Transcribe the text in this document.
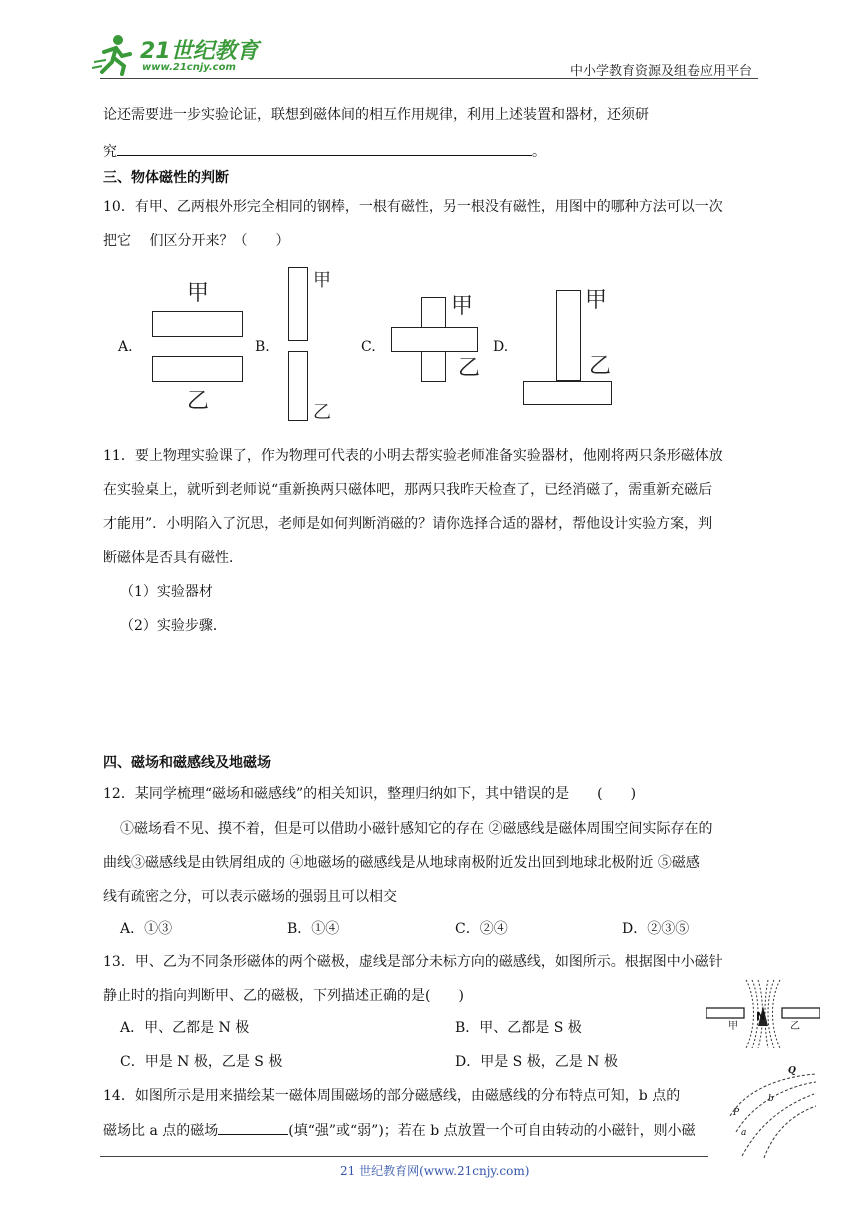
21世纪教育
www.21cnjy.com	中小学教育资源及组卷应用平台
论还需要进一步实验论证，联想到磁体间的相互作用规律，利用上述装置和器材，还须研
究	。
三、物体磁性的判断
10．有甲、乙两根外形完全相同的钢棒，一根有磁性，另一根没有磁性，用图中的哪种方法可以一次
把它　 们区分开来？（　　）
A.
甲
乙
B.
甲
乙
C.
甲
乙
D.
甲
乙
11．要上物理实验课了，作为物理可代表的小明去帮实验老师准备实验器材，他刚将两只条形磁体放
在实验桌上，就听到老师说“重新换两只磁体吧，那两只我昨天检查了，已经消磁了，需重新充磁后
才能用”．小明陷入了沉思，老师是如何判断消磁的？请你选择合适的器材，帮他设计实验方案，判
断磁体是否具有磁性．
（1）实验器材
（2）实验步骤．
四、磁场和磁感线及地磁场
12．某同学梳理“磁场和磁感线”的相关知识，整理归纳如下，其中错误的是　　(　　)
①磁场看不见、摸不着，但是可以借助小磁针感知它的存在 ②磁感线是磁体周围空间实际存在的
曲线③磁感线是由铁屑组成的 ④地磁场的磁感线是从地球南极附近发出回到地球北极附近 ⑤磁感
线有疏密之分，可以表示磁场的强弱且可以相交
A．①③	B．①④	C．②④	D．②③⑤
13．甲、乙为不同条形磁体的两个磁极，虚线是部分未标方向的磁感线，如图所示。根据图中小磁针
静止时的指向判断甲、乙的磁极，下列描述正确的是(　　)
A．甲、乙都是 N 极	B．甲、乙都是 S 极
C．甲是 N 极，乙是 S 极	D．甲是 S 极，乙是 N 极
甲
N
乙
14．如图所示是用来描绘某一磁体周围磁场的部分磁感线，由磁感线的分布特点可知，b 点的
磁场比 a 点的磁场	(填“强”或“弱”)；若在 b 点放置一个可自由转动的小磁针，则小磁
Q
P
b
a
21 世纪教育网(www.21cnjy.com)
